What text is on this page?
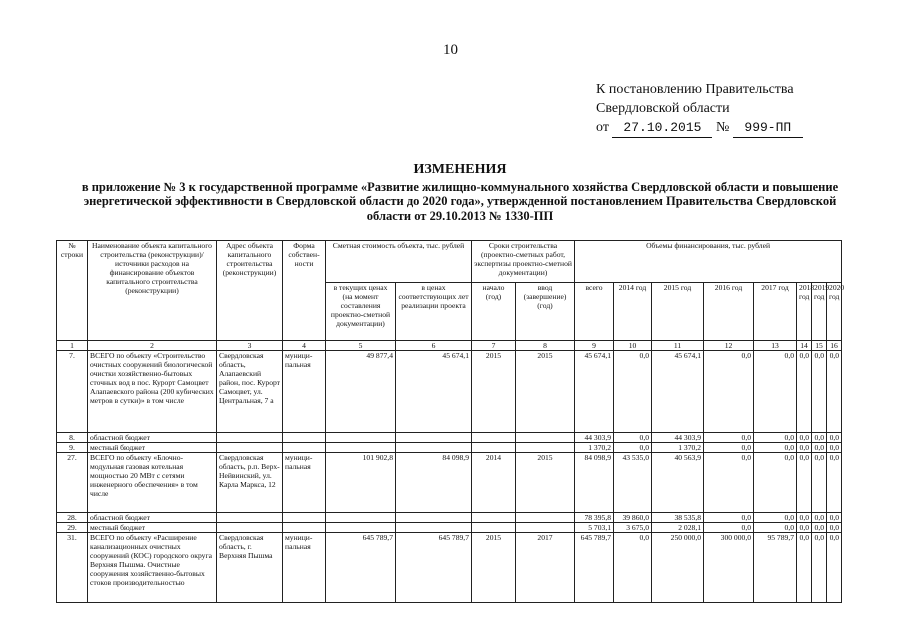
10
К постановлению Правительства
Свердловской области
от 27.10.2015 № 999-ПП
ИЗМЕНЕНИЯ
в приложение № 3 к государственной программе «Развитие жилищно-коммунального хозяйства Свердловской области и повышение энергетической эффективности в Свердловской области до 2020 года», утвержденной постановлением Правительства Свердловской области от 29.10.2013 № 1330-ПП
№ строки	Наименование объекта капитального строительства (реконструкции)/ источники расходов на финансирование объектов капитального строительства (реконструкции)	Адрес объекта капитального строительства (реконструкции)	Форма собствен-ности	Сметная стоимость объекта, тыс. рублей		Сроки строительства (проектно-сметных работ, экспертизы проектно-сметной документации)		Объемы финансирования, тыс. рублей							
				в текущих ценах (на момент составления проектно-сметной документации)	в ценах соответствующих лет реализации проекта	начало (год)	ввод (завершение) (год)	всего	2014 год	2015 год	2016 год	2017 год	2018 год	2019 год	2020 год
1	2	3	4	5	6	7	8	9	10	11	12	13	14	15	16
7.	ВСЕГО по объекту «Строительство очистных сооружений биологической очистки хозяйственно-бытовых сточных вод в пос. Курорт Самоцвет Алапаевского района (200 кубических метров в сутки)» в том числе	Свердловская область, Алапаевский район, пос. Курорт Самоцвет, ул. Центральная, 7 а	муници-пальная	49 877,4	45 674,1	2015	2015	45 674,1	0,0	45 674,1	0,0	0,0	0,0	0,0	0,0
8.	областной бюджет							44 303,9	0,0	44 303,9	0,0	0,0	0,0	0,0	0,0
9.	местный бюджет							1 370,2	0,0	1 370,2	0,0	0,0	0,0	0,0	0,0
27.	ВСЕГО по объекту «Блочно-модульная газовая котельная мощностью 20 МВт с сетями инженерного обеспечения» в том числе	Свердловская область, р.п. Верх-Нейвинский, ул. Карла Маркса, 12	муници-пальная	101 902,8	84 098,9	2014	2015	84 098,9	43 535,0	40 563,9	0,0	0,0	0,0	0,0	0,0
28.	областной бюджет							78 395,8	39 860,0	38 535,8	0,0	0,0	0,0	0,0	0,0
29.	местный бюджет							5 703,1	3 675,0	2 028,1	0,0	0,0	0,0	0,0	0,0
31.	ВСЕГО по объекту «Расширение канализационных очистных сооружений (КОС) городского округа Верхняя Пышма. Очистные сооружения хозяйственно-бытовых стоков производительностью	Свердловская область, г. Верхняя Пышма	муници-пальная	645 789,7	645 789,7	2015	2017	645 789,7	0,0	250 000,0	300 000,0	95 789,7	0,0	0,0	0,0
